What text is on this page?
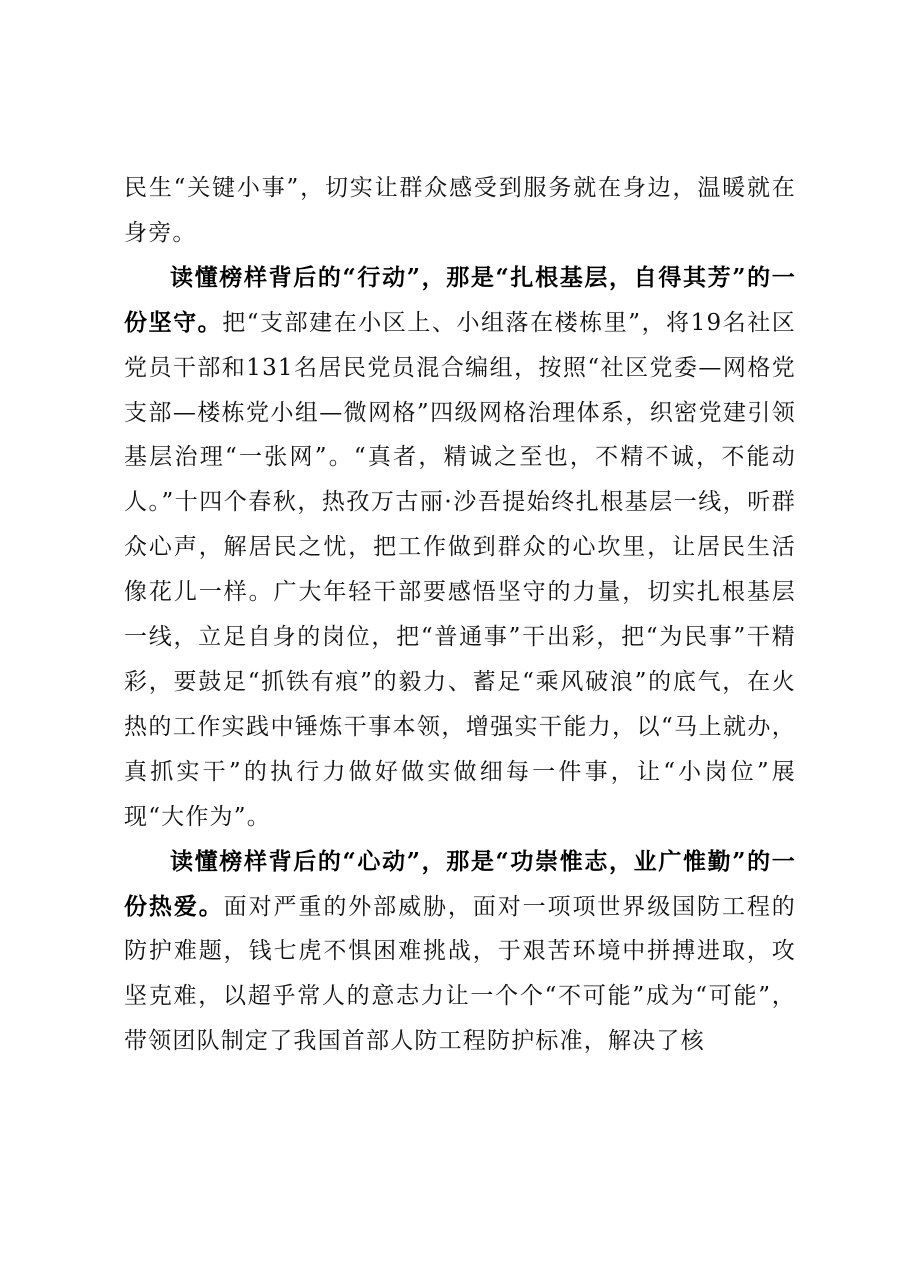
民生“关键小事”，切实让群众感受到服务就在身边，温暖就在身旁。

读懂榜样背后的“行动”，那是“扎根基层，自得其芳”的一份坚守。把“支部建在小区上、小组落在楼栋里”，将19名社区党员干部和131名居民党员混合编组，按照“社区党委—网格党支部—楼栋党小组—微网格”四级网格治理体系，织密党建引领基层治理“一张网”。“真者，精诚之至也，不精不诚，不能动人。”十四个春秋，热孜万古丽·沙吾提始终扎根基层一线，听群众心声，解居民之忧，把工作做到群众的心坎里，让居民生活像花儿一样。广大年轻干部要感悟坚守的力量，切实扎根基层一线，立足自身的岗位，把“普通事”干出彩，把“为民事”干精彩，要鼓足“抓铁有痕”的毅力、蓄足“乘风破浪”的底气，在火热的工作实践中锤炼干事本领，增强实干能力，以“马上就办，真抓实干”的执行力做好做实做细每一件事，让“小岗位”展现“大作为”。

读懂榜样背后的“心动”，那是“功崇惟志，业广惟勤”的一份热爱。面对严重的外部威胁，面对一项项世界级国防工程的防护难题，钱七虎不惧困难挑战，于艰苦环境中拼搏进取，攻坚克难，以超乎常人的意志力让一个个“不可能”成为“可能”，带领团队制定了我国首部人防工程防护标准，解决了核
